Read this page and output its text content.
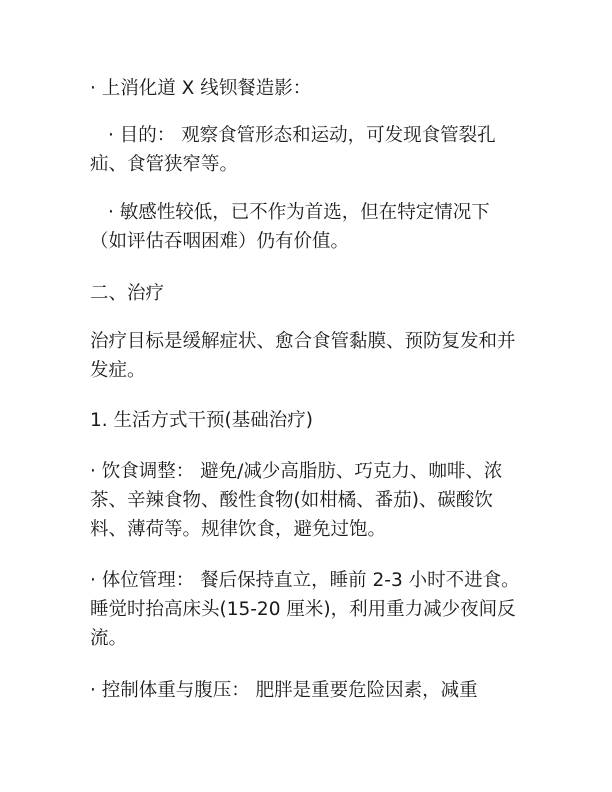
· 上消化道 X 线钡餐造影：

· 目的： 观察食管形态和运动，可发现食管裂孔疝、食管狭窄等。

· 敏感性较低，已不作为首选，但在特定情况下（如评估吞咽困难）仍有价值。

二、治疗

治疗目标是缓解症状、愈合食管黏膜、预防复发和并发症。

1. 生活方式干预(基础治疗)

· 饮食调整： 避免/减少高脂肪、巧克力、咖啡、浓茶、辛辣食物、酸性食物(如柑橘、番茄)、碳酸饮料、薄荷等。规律饮食，避免过饱。

· 体位管理： 餐后保持直立，睡前 2-3 小时不进食。睡觉时抬高床头(15-20 厘米)，利用重力减少夜间反流。

· 控制体重与腹压： 肥胖是重要危险因素，减重
